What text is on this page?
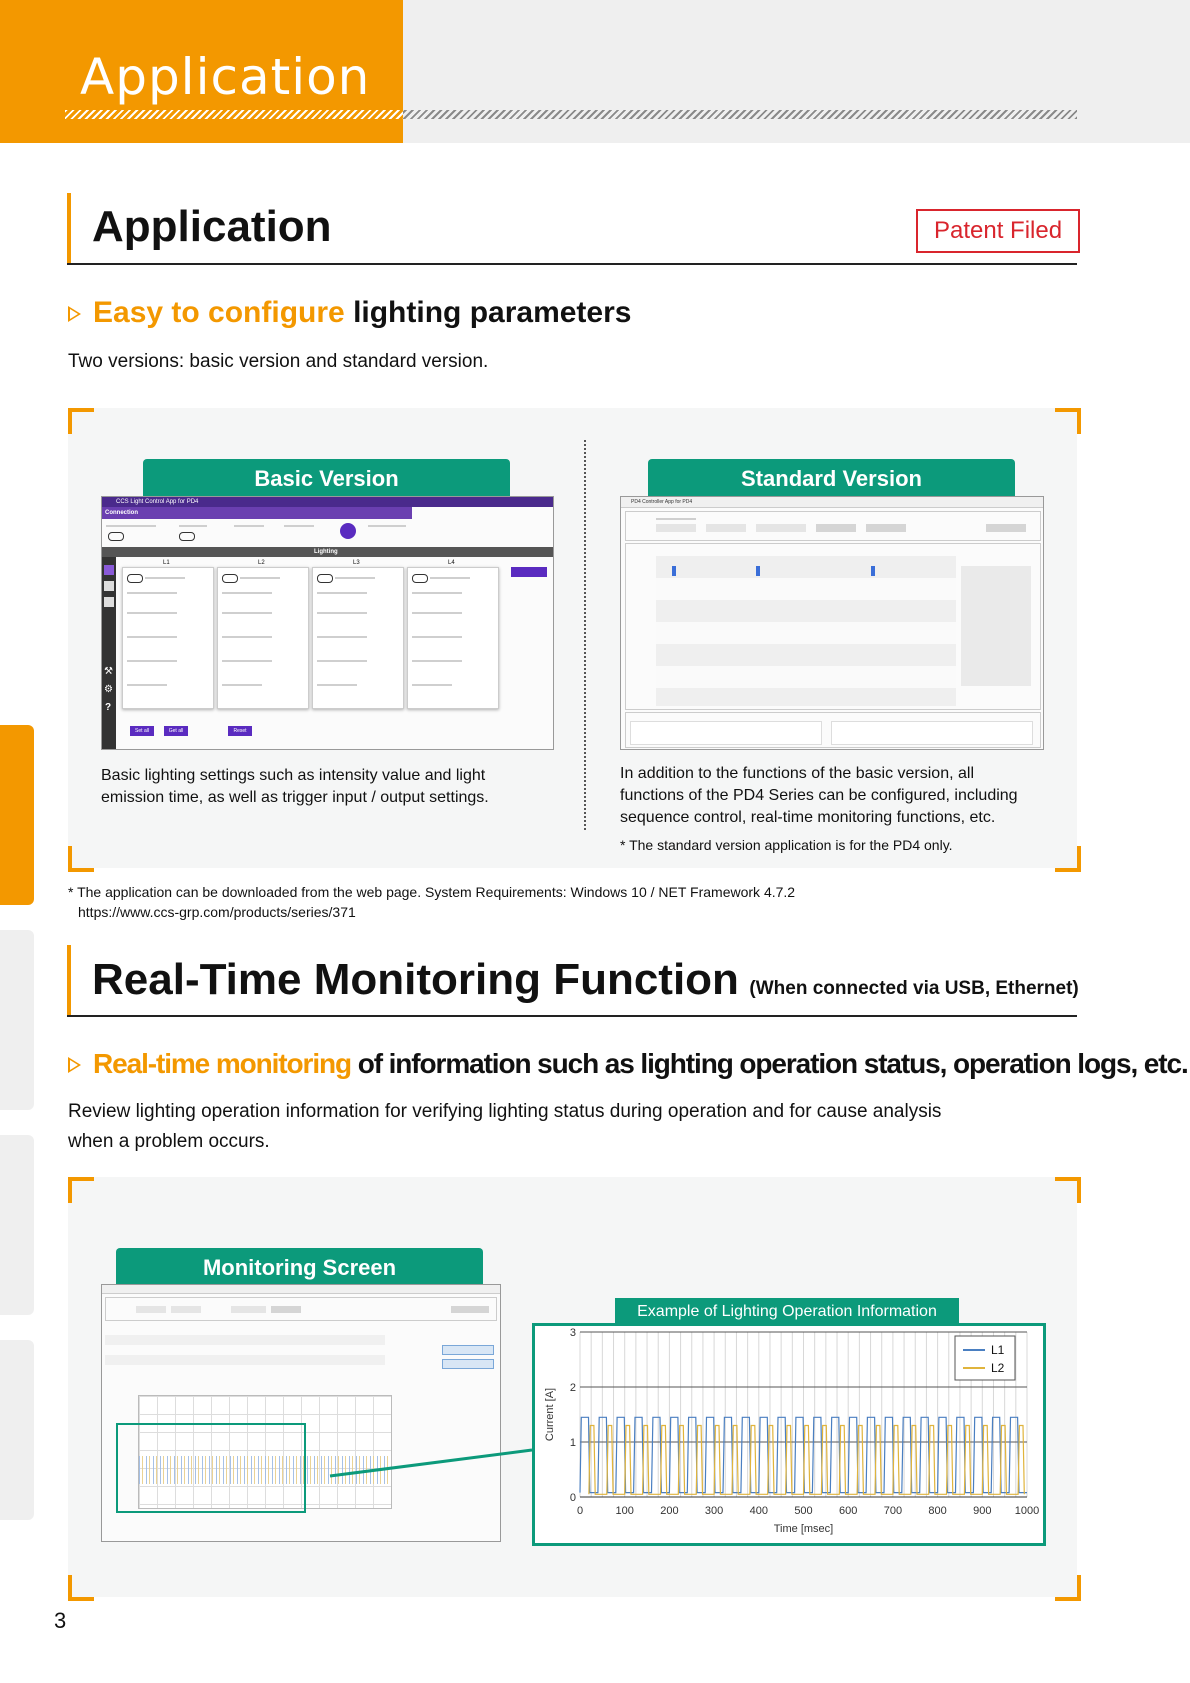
Application
Application	Patent Filed
Easy to configure lighting parameters
Two versions: basic version and standard version.
Basic Version
CCS Light Control App for PD4
Connection
Lighting
⚒
⚙
?
L1	L2	L3	L4
Set all	Get all	Reset
Basic lighting settings such as intensity value and light
emission time, as well as trigger input / output settings.
Standard Version
PD4 Controller App for PD4
In addition to the functions of the basic version, all
functions of the PD4 Series can be configured, including
sequence control, real-time monitoring functions, etc.
* The standard version application is for the PD4 only.
* The application can be downloaded from the web page. System Requirements: Windows 10 / NET Framework 4.7.2
https://www.ccs-grp.com/products/series/371
Real-Time Monitoring Function (When connected via USB, Ethernet)
Real-time monitoring of information such as lighting operation status, operation logs, etc.
Review lighting operation information for verifying lighting status during operation and for cause analysis
when a problem occurs.
Monitoring Screen
Example of Lighting Operation Information
0	100 200 300 400 500 600 700 800 900 1000
0
1
2
3
Time [msec]
Current [A]
L1
L2
3
